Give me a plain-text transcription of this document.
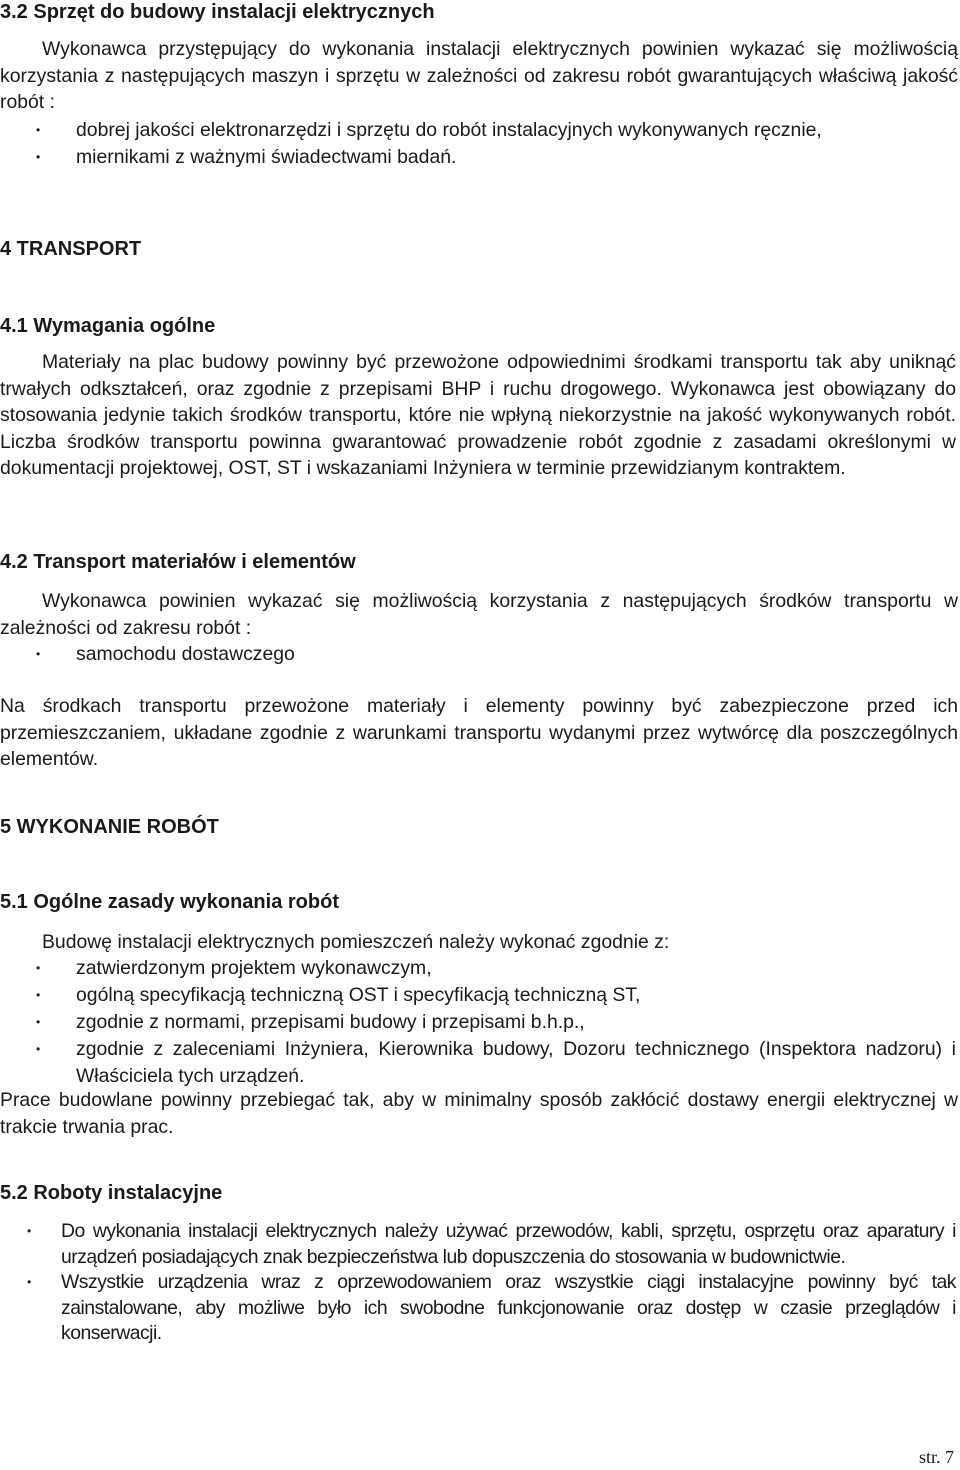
3.2 Sprzęt do budowy instalacji elektrycznych

Wykonawca przystępujący do wykonania instalacji elektrycznych powinien wykazać się możliwością korzystania z następujących maszyn i sprzętu w zależności od zakresu robót gwarantujących właściwą jakość robót :

• dobrej jakości elektronarzędzi i sprzętu do robót instalacyjnych wykonywanych ręcznie,
• miernikami z ważnymi świadectwami badań.
4 TRANSPORT
4.1 Wymagania ogólne

Materiały na plac budowy powinny być przewożone odpowiednimi środkami transportu tak aby uniknąć trwałych odkształceń, oraz zgodnie z przepisami BHP i ruchu drogowego. Wykonawca jest obowiązany do stosowania jedynie takich środków transportu, które nie wpłyną niekorzystnie na jakość wykonywanych robót. Liczba środków transportu powinna gwarantować prowadzenie robót zgodnie z zasadami określonymi w dokumentacji projektowej, OST, ST i wskazaniami Inżyniera w terminie przewidzianym kontraktem.

4.2 Transport materiałów i elementów

Wykonawca powinien wykazać się możliwością korzystania z następujących środków transportu w zależności od zakresu robót :

• samochodu dostawczego

Na środkach transportu przewożone materiały i elementy powinny być zabezpieczone przed ich przemieszczaniem, układane zgodnie z warunkami transportu wydanymi przez wytwórcę dla poszczególnych elementów.

5 WYKONANIE ROBÓT
5.1 Ogólne zasady wykonania robót

Budowę instalacji elektrycznych pomieszczeń należy wykonać zgodnie z:

• zatwierdzonym projektem wykonawczym,
• ogólną specyfikacją techniczną OST i specyfikacją techniczną ST,
• zgodnie z normami, przepisami budowy i przepisami b.h.p.,
• zgodnie z zaleceniami Inżyniera, Kierownika budowy, Dozoru technicznego (Inspektora nadzoru) i Właściciela tych urządzeń.

Prace budowlane powinny przebiegać tak, aby w minimalny sposób zakłócić dostawy energii elektrycznej w trakcie trwania prac.

5.2 Roboty instalacyjne
• Do wykonania instalacji elektrycznych należy używać przewodów, kabli, sprzętu, osprzętu oraz aparatury i urządzeń posiadających znak bezpieczeństwa lub dopuszczenia do stosowania w budownictwie.
• Wszystkie urządzenia wraz z oprzewodowaniem oraz wszystkie ciągi instalacyjne powinny być tak zainstalowane, aby możliwe było ich swobodne funkcjonowanie oraz dostęp w czasie przeglądów i konserwacji.
str. 7
